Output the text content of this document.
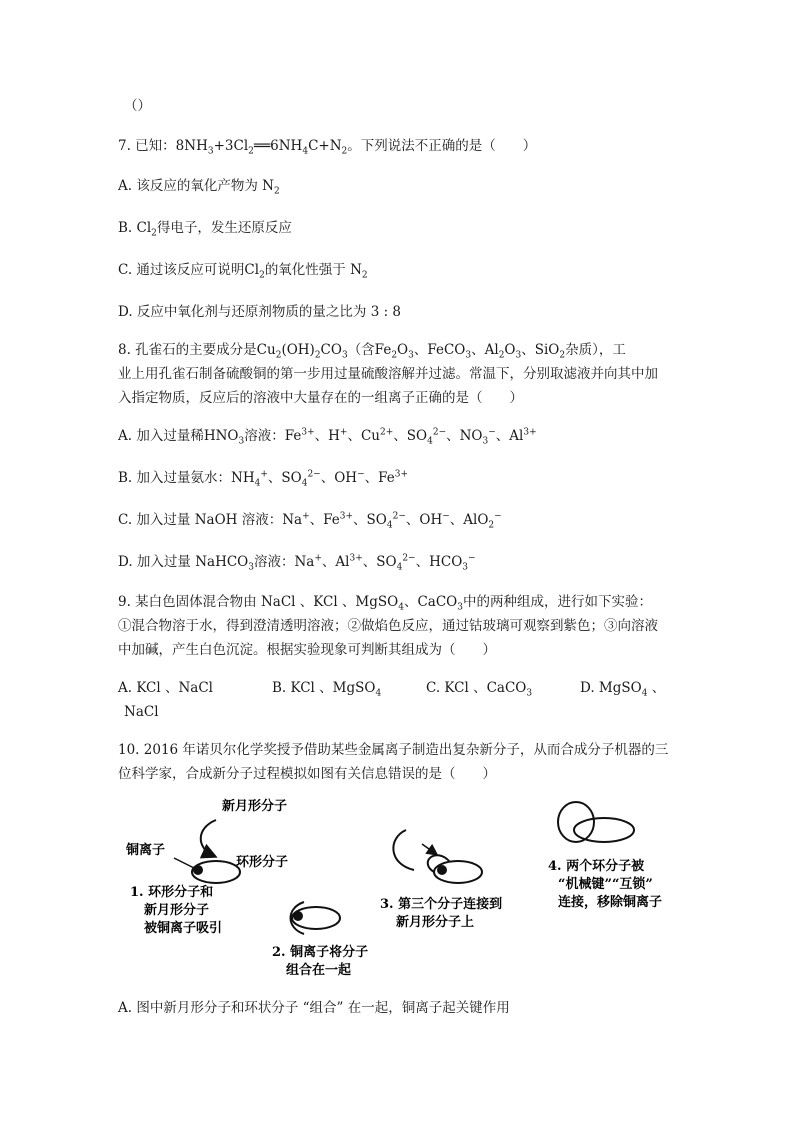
（）
7. 已知：$8NH_3+3Cl_2══6NH_4C+N_2$。下列说法不正确的是（　　）
A. 该反应的氧化产物为 $N_2$
B. $Cl_2$得电子，发生还原反应
C. 通过该反应可说明$Cl_2$的氧化性强于 $N_2$
D. 反应中氧化剂与还原剂物质的量之比为 3 : 8
8. 孔雀石的主要成分是$Cu_2(OH)_2CO_3$（含$Fe_2O_3$、FeCO$_3$、$Al_2O_3$、SiO$_2$杂质），工
业上用孔雀石制备硫酸铜的第一步用过量硫酸溶解并过滤。常温下，分别取滤液并向其中加
入指定物质，反应后的溶液中大量存在的一组离子正确的是（　　）
A. 加入过量稀$HNO_3$溶液：$Fe^{3+}$、H+、$Cu^{2+}$、$SO_4^{2-}$、$NO_3^-$、$Al^{3+}$
B. 加入过量氨水：$NH_4^+$、$SO_4^{2-}$、OH−、$Fe^{3+}$
C. 加入过量 NaOH 溶液：Na+、$Fe^{3+}$、$SO_4^{2-}$、OH−、AlO$_2$−
D. 加入过量 NaHCO$_3$溶液：Na+、$Al^{3+}$、$SO_4^{2-}$、$HCO_3^-$
9. 某白色固体混合物由 NaCl 、KCl 、MgSO$_4$、CaCO$_3$中的两种组成，进行如下实验：
①混合物溶于水，得到澄清透明溶液；②做焰色反应，通过钴玻璃可观察到紫色；③向溶液
中加碱，产生白色沉淀。根据实验现象可判断其组成为（　　）
A. KCl 、NaCl	B. KCl 、MgSO$_4$	C. KCl 、CaCO$_3$	D. MgSO$_4$ 、
NaCl
10. 2016 年诺贝尔化学奖授予借助某些金属离子制造出复杂新分子，从而合成分子机器的三
位科学家，合成新分子过程模拟如图有关信息错误的是（　　）
新月形分子
铜离子
环形分子
1. 环形分子和
新月形分子
被铜离子吸引
2. 铜离子将分子
组合在一起
3. 第三个分子连接到
新月形分子上
4. 两个环分子被
“机械键”“互锁”
连接，移除铜离子
A. 图中新月形分子和环状分子 “组合” 在一起，铜离子起关键作用
